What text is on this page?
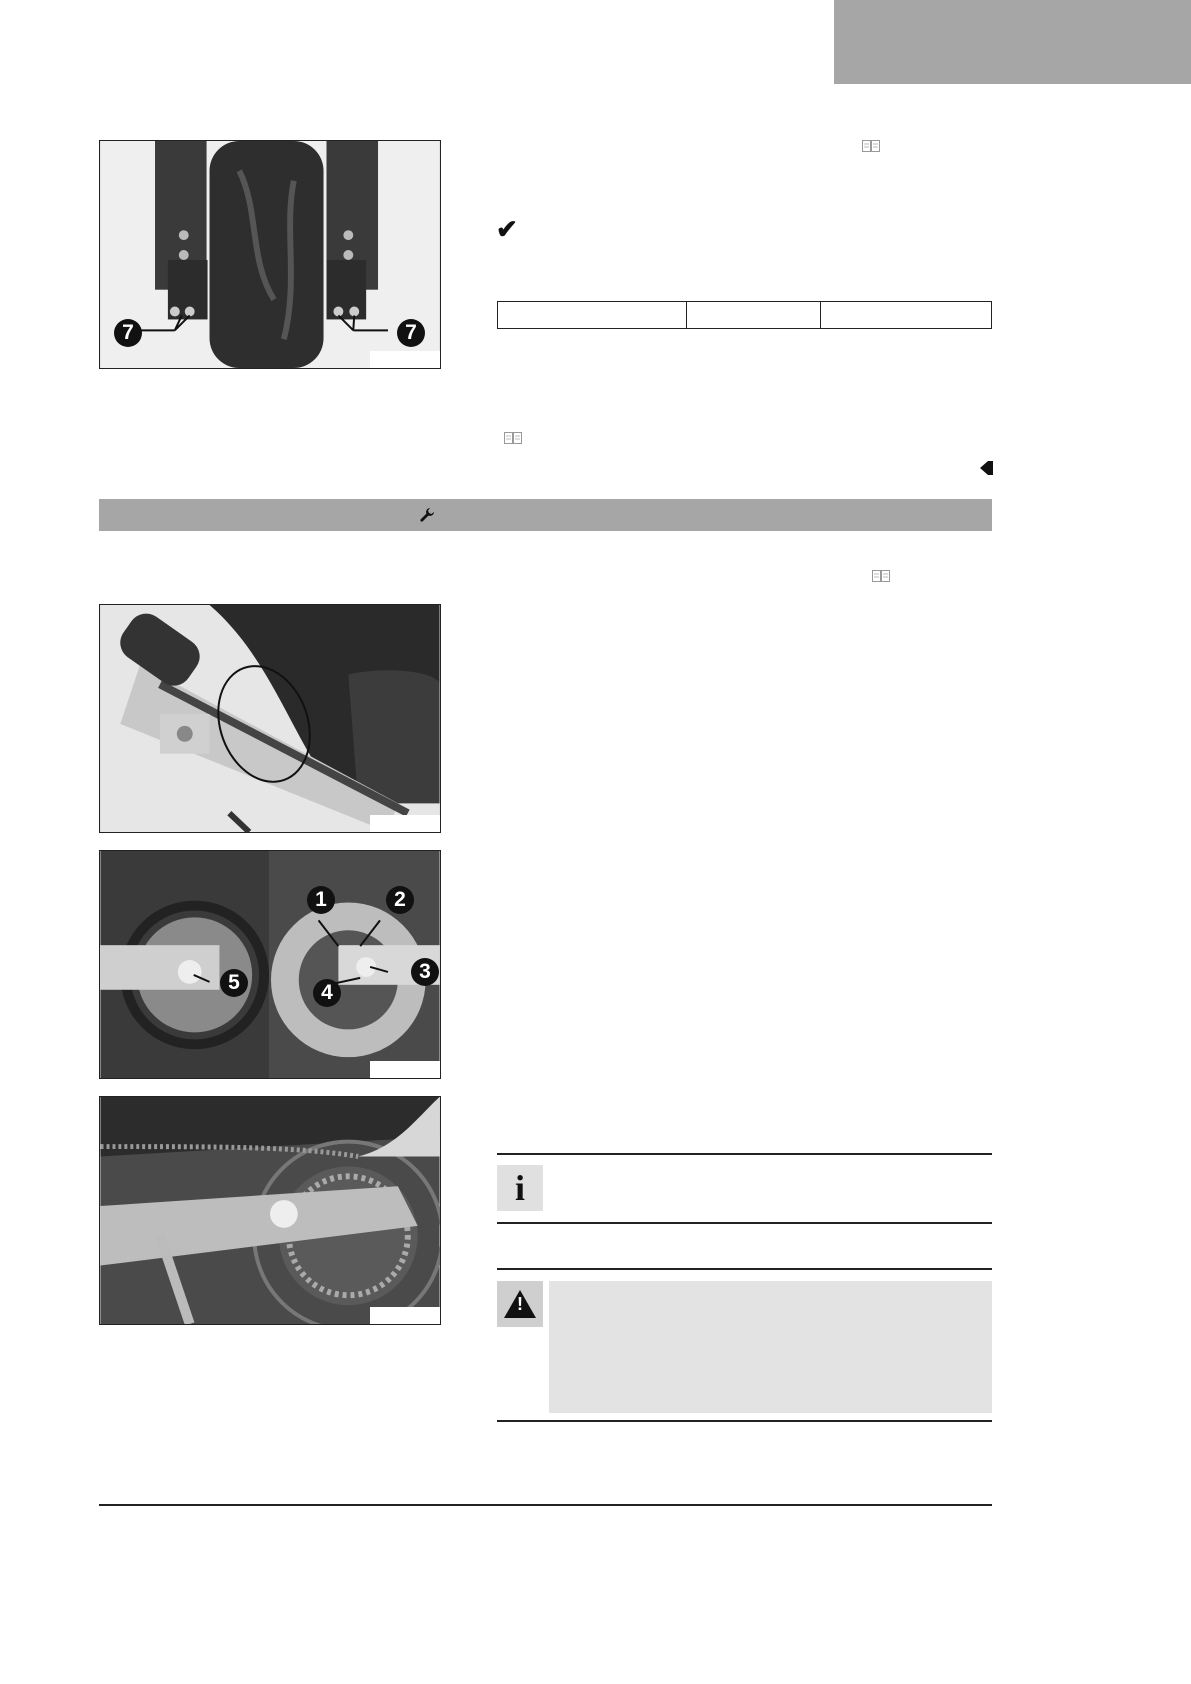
7	7
✔

1	2
3
4
5
i
!
